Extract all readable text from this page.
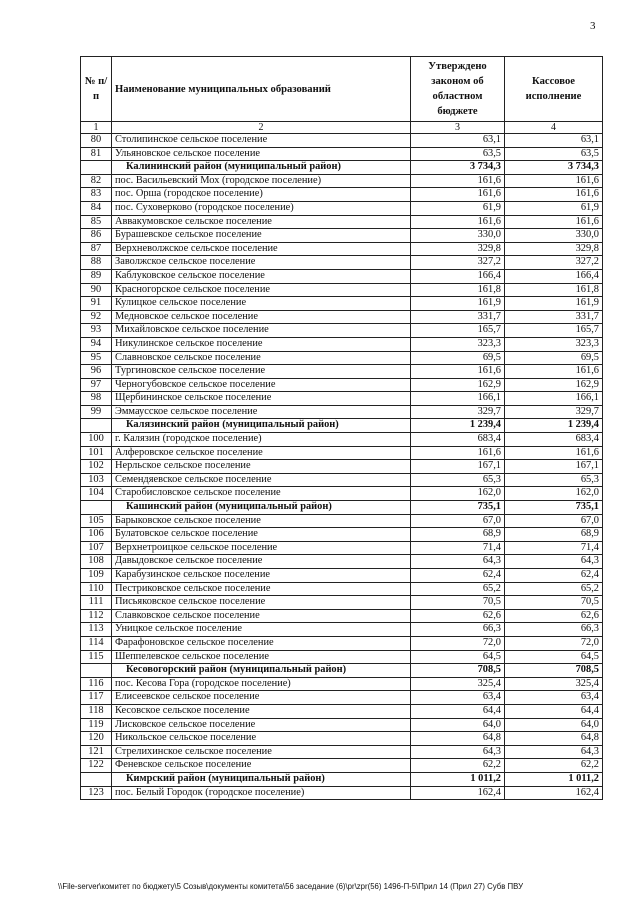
3
№ п/п	Наименование муниципальных образований	Утверждено законом об областном бюджете	Кассовое исполнение
1	2	3	4
80	Столипинское сельское поселение	63,1	63,1
81	Ульяновское сельское поселение	63,5	63,5
	Калининский район (муниципальный район)	3 734,3	3 734,3
82	пос. Васильевский Мох (городское поселение)	161,6	161,6
83	пос. Орша (городское поселение)	161,6	161,6
84	пос. Суховерково (городское поселение)	61,9	61,9
85	Аввакумовское сельское поселение	161,6	161,6
86	Бурашевское сельское поселение	330,0	330,0
87	Верхневолжское сельское поселение	329,8	329,8
88	Заволжское сельское поселение	327,2	327,2
89	Каблуковское сельское поселение	166,4	166,4
90	Красногорское сельское поселение	161,8	161,8
91	Кулицкое сельское поселение	161,9	161,9
92	Медновское сельское поселение	331,7	331,7
93	Михайловское сельское поселение	165,7	165,7
94	Никулинское сельское поселение	323,3	323,3
95	Славновское сельское поселение	69,5	69,5
96	Тургиновское сельское поселение	161,6	161,6
97	Черногубовское сельское поселение	162,9	162,9
98	Щербининское сельское поселение	166,1	166,1
99	Эммаусское сельское поселение	329,7	329,7
	Калязинский район (муниципальный район)	1 239,4	1 239,4
100	г. Калязин (городское поселение)	683,4	683,4
101	Алферовское сельское поселение	161,6	161,6
102	Нерльское сельское поселение	167,1	167,1
103	Семендяевское сельское поселение	65,3	65,3
104	Старобисловское сельское поселение	162,0	162,0
	Кашинский район (муниципальный район)	735,1	735,1
105	Барыковское сельское поселение	67,0	67,0
106	Булатовское сельское поселение	68,9	68,9
107	Верхнетроицкое сельское поселение	71,4	71,4
108	Давыдовское сельское поселение	64,3	64,3
109	Карабузинское сельское поселение	62,4	62,4
110	Пестриковское сельское поселение	65,2	65,2
111	Письяковское сельское поселение	70,5	70,5
112	Славковское сельское поселение	62,6	62,6
113	Уницкое сельское поселение	66,3	66,3
114	Фарафоновское сельское поселение	72,0	72,0
115	Шеппелевское сельское поселение	64,5	64,5
	Кесовогорский район (муниципальный район)	708,5	708,5
116	пос. Кесова Гора (городское поселение)	325,4	325,4
117	Елисеевское сельское поселение	63,4	63,4
118	Кесовское сельское поселение	64,4	64,4
119	Лисковское сельское поселение	64,0	64,0
120	Никольское сельское поселение	64,8	64,8
121	Стрелихинское сельское поселение	64,3	64,3
122	Феневское сельское поселение	62,2	62,2
	Кимрский район (муниципальный район)	1 011,2	1 011,2
123	пос. Белый Городок (городское поселение)	162,4	162,4
\\File-server\комитет по бюджету\5 Созыв\документы комитета\56 заседание (6)\pr\zpr(56) 1496-П-5\Прил 14 (Прил 27) Субв ПВУ
